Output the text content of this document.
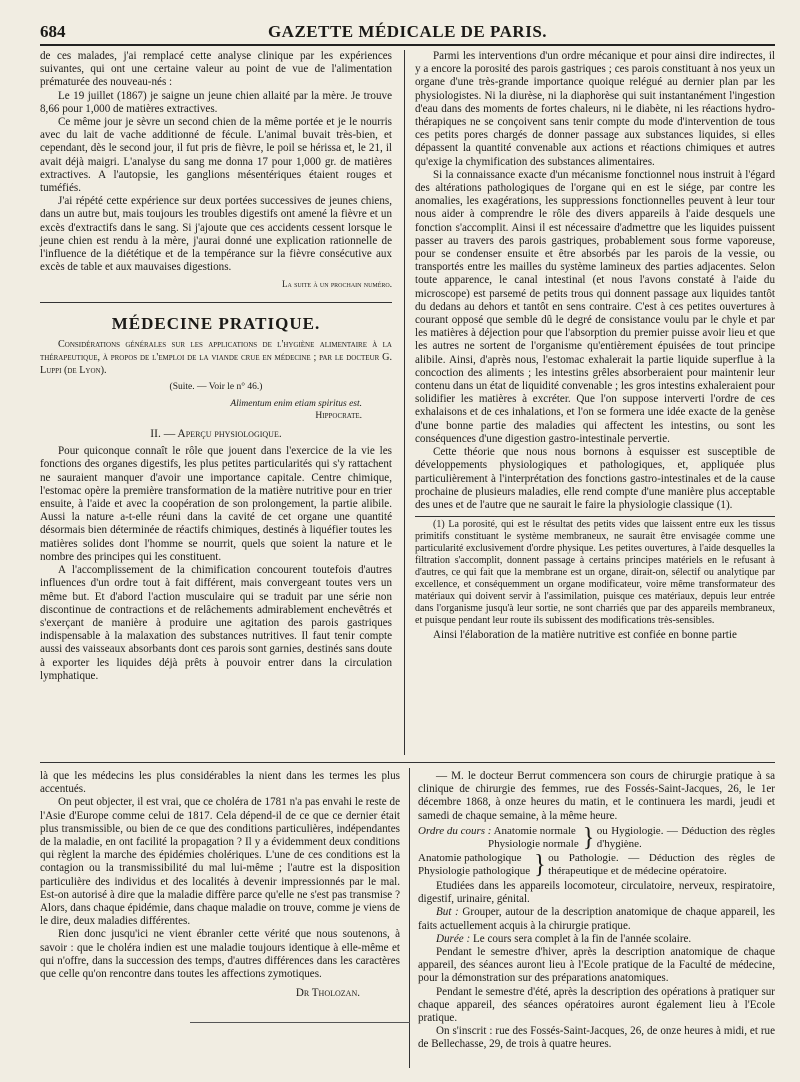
684	GAZETTE MÉDICALE DE PARIS.

de ces malades, j'ai remplacé cette analyse clinique par les expériences suivantes, qui ont une certaine valeur au point de vue de l'alimentation prématurée des nouveau-nés :

Le 19 juillet (1867) je saigne un jeune chien allaité par la mère. Je trouve 8,66 pour 1,000 de matières extractives.

Ce même jour je sèvre un second chien de la même portée et je le nourris avec du lait de vache additionné de fécule. L'animal buvait très-bien, et cependant, dès le second jour, il fut pris de fièvre, le poil se hérissa et, le 21, il avait déjà maigri. L'analyse du sang me donna 17 pour 1,000 gr. de matières extractives. A l'autopsie, les ganglions mésentériques étaient rouges et tuméfiés.

J'ai répété cette expérience sur deux portées successives de jeunes chiens, dans un autre but, mais toujours les troubles digestifs ont amené la fièvre et un excès d'extractifs dans le sang. Si j'ajoute que ces accidents cessent lorsque le jeune chien est rendu à la mère, j'aurai donné une explication rationnelle de l'influence de la diététique et de la tempérance sur la fièvre consécutive aux excès de table et aux mauvaises digestions.

La suite à un prochain numéro.
MÉDECINE PRATIQUE.
Considérations générales sur les applications de l'hygiène alimentaire à la thérapeutique, à propos de l'emploi de la viande crue en médecine ; par le docteur G. Luppi (de Lyon).
(Suite. — Voir le n° 46.)
Alimentum enim etiam spiritus est.
Hippocrate.
II. — Aperçu physiologique.

Pour quiconque connaît le rôle que jouent dans l'exercice de la vie les fonctions des organes digestifs, les plus petites particularités qui s'y rattachent ne sauraient manquer d'avoir une importance capitale. Centre chimique, l'estomac opère la première transformation de la matière nutritive pour en trier ensuite, à l'aide et avec la coopération de son prolongement, la partie alibile. Aussi la nature a-t-elle réuni dans la cavité de cet organe une quantité désormais bien déterminée de réactifs chimiques, destinés à liquéfier toutes les matières solides dont l'homme se nourrit, quels que soient la nature et le nombre des principes qui les constituent.

A l'accomplissement de la chimification concourent toutefois d'autres influences d'un ordre tout à fait différent, mais convergeant toutes vers un même but. Et d'abord l'action musculaire qui se traduit par une série non discontinue de contractions et de relâchements admirablement enchevêtrés et s'exerçant de manière à produire une agitation des parois gastriques indispensable à la malaxation des substances nutritives. Il faut tenir compte aussi des vaisseaux absorbants dont ces parois sont garnies, destinés sans doute à exporter les liquides déjà prêts à pouvoir entrer dans la circulation lymphatique.

Parmi les interventions d'un ordre mécanique et pour ainsi dire indirectes, il y a encore la porosité des parois gastriques ; ces parois constituant à nos yeux un organe d'une très-grande importance quoique relégué au dernier plan par les physiologistes. Ni la diurèse, ni la diaphorèse qui suit instantanément l'ingestion d'eau dans des moments de fortes chaleurs, ni le diabète, ni les réactions hydro-thérapiques ne se conçoivent sans tenir compte du mode d'intervention de tous ces petits pores chargés de donner passage aux substances liquides, si elles dépassent la quantité convenable aux actions et réactions chimiques et autres qu'exige la chymification des substances alimentaires.

Si la connaissance exacte d'un mécanisme fonctionnel nous instruit à l'égard des altérations pathologiques de l'organe qui en est le siége, par contre les anomalies, les exagérations, les suppressions fonctionnelles peuvent à leur tour nous aider à comprendre le rôle des divers appareils à l'aide desquels une fonction s'accomplit. Ainsi il est nécessaire d'admettre que les liquides puissent passer au travers des parois gastriques, probablement sous forme vaporeuse, pour se condenser ensuite et être absorbés par les parois de la vessie, ou transportés entre les mailles du système lamineux des parties adjacentes. Selon toute apparence, le canal intestinal (et nous l'avons constaté à l'aide du microscope) est parsemé de petits trous qui donnent passage aux liquides tantôt du dedans au dehors et tantôt en sens contraire. C'est à ces petites ouvertures à courant opposé que semble dû le degré de consistance voulu par le chyle et par les matières à déjection pour que l'absorption du premier puisse avoir lieu et que les autres ne sortent de l'organisme qu'entièrement épuisées de tout principe alibile. Ainsi, d'après nous, l'estomac exhalerait la partie liquide superflue à la concoction des aliments ; les intestins grêles absorberaient pour maintenir leur contenu dans un état de liquidité convenable ; les gros intestins exhaleraient pour solidifier les matières à excréter. Que l'on suppose interverti l'ordre de ces exhalaisons et de ces inhalations, et l'on se formera une idée exacte de la genèse d'une bonne partie des maladies qui affectent les intestins, ou sont les conséquences d'une digestion gastro-intestinale pervertie.

Cette théorie que nous nous bornons à esquisser est susceptible de développements physiologiques et pathologiques, et, appliquée plus particulièrement à l'interprétation des fonctions gastro-intestinales et de la cause prochaine de plusieurs maladies, elle rend compte d'une manière plus acceptable des unes et de l'autre que ne saurait le faire la physiologie classique (1).

(1) La porosité, qui est le résultat des petits vides que laissent entre eux les tissus primitifs constituant le système membraneux, ne saurait être envisagée comme une particularité exclusivement d'ordre physique. Les petites ouvertures, à l'aide desquelles la filtration s'accomplit, donnent passage à certains principes matériels en le refusant à d'autres, ce qui fait que la membrane est un organe, dirait-on, sélectif ou analytique par excellence, et conséquemment un organe modificateur, voire même transformateur des matériaux qui doivent servir à l'assimilation, puisque ces matériaux, depuis leur entrée dans l'organisme jusqu'à leur sortie, ne sont charriés que par des appareils membraneux, et puisque pendant leur route ils subissent des modifications très-sensibles.

Ainsi l'élaboration de la matière nutritive est confiée en bonne partie

là que les médecins les plus considérables la nient dans les termes les plus accentués.

On peut objecter, il est vrai, que ce choléra de 1781 n'a pas envahi le reste de l'Asie d'Europe comme celui de 1817. Cela dépend-il de ce que ce dernier était plus transmissible, ou bien de ce que des conditions particulières, indépendantes de la maladie, en ont facilité la propagation ? Il y a évidemment deux conditions qui règlent la marche des épidémies cholériques. L'une de ces conditions est la contagion ou la transmissibilité du mal lui-même ; l'autre est la disposition particulière des individus et des localités à devenir impressionnés par le mal. Est-on autorisé à dire que la maladie diffère parce qu'elle ne s'est pas transmise ? Alors, dans chaque épidémie, dans chaque maladie on trouve, comme je viens de le dire, deux maladies différentes.

Rien donc jusqu'ici ne vient ébranler cette vérité que nous soutenons, à savoir : que le choléra indien est une maladie toujours identique à elle-même et qui n'offre, dans la succession des temps, d'autres différences dans les caractères que celle qu'on rencontre dans toutes les affections zymotiques.

Dr Tholozan.

— M. le docteur Berrut commencera son cours de chirurgie pratique à sa clinique de chirurgie des femmes, rue des Fossés-Saint-Jacques, 26, le 1er décembre 1868, à onze heures du matin, et le continuera les mardi, jeudi et samedi de chaque semaine, à la même heure.

Ordre du cours : Anatomie normale
Physiologie normale } ou Hygiologie. — Déduction des règles d'hygiène.
Anatomie pathologique
Physiologie pathologique } ou Pathologie. — Déduction des règles de thérapeutique et de médecine opératoire.

Etudiées dans les appareils locomoteur, circulatoire, nerveux, respiratoire, digestif, urinaire, génital.

But : Grouper, autour de la description anatomique de chaque appareil, les faits actuellement acquis à la chirurgie pratique.

Durée : Le cours sera complet à la fin de l'année scolaire.

Pendant le semestre d'hiver, après la description anatomique de chaque appareil, des séances auront lieu à l'Ecole pratique de la Faculté de médecine, pour la démonstration sur des préparations anatomiques.

Pendant le semestre d'été, après la description des opérations à pratiquer sur chaque appareil, des séances opératoires auront également lieu à l'Ecole pratique.

On s'inscrit : rue des Fossés-Saint-Jacques, 26, de onze heures à midi, et rue de Bellechasse, 29, de trois à quatre heures.
